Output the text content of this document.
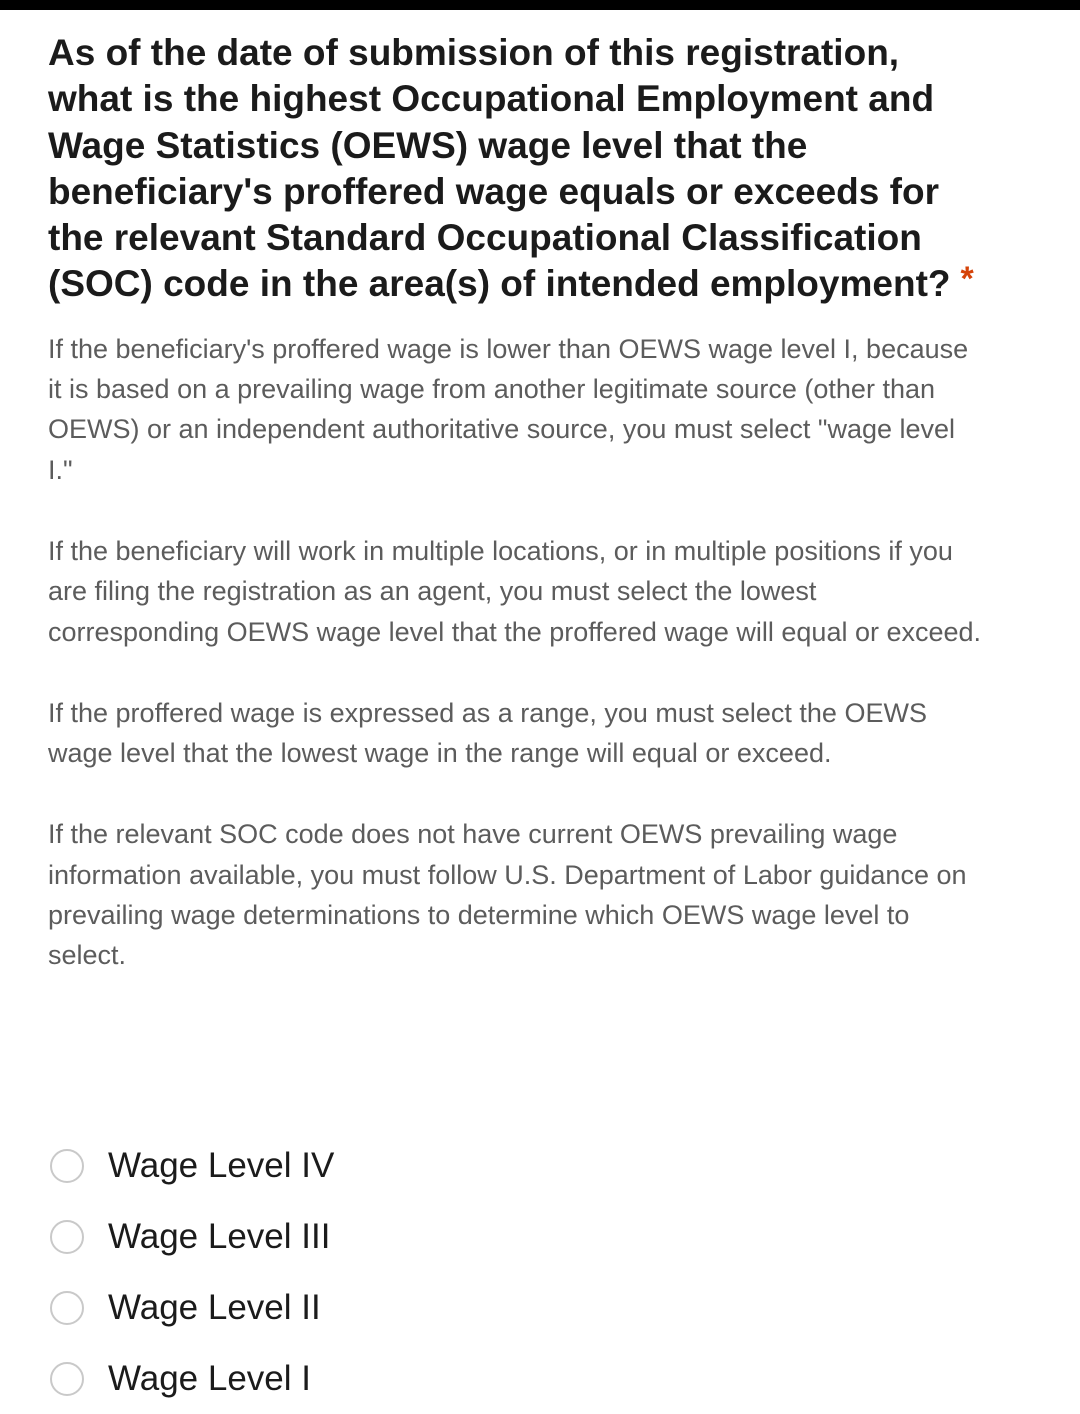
As of the date of submission of this registration, what is the highest Occupational Employment and Wage Statistics (OEWS) wage level that the beneficiary's proffered wage equals or exceeds for the relevant Standard Occupational Classification (SOC) code in the area(s) of intended employment? *

If the beneficiary's proffered wage is lower than OEWS wage level I, because it is based on a prevailing wage from another legitimate source (other than OEWS) or an independent authoritative source, you must select "wage level I."

If the beneficiary will work in multiple locations, or in multiple positions if you are filing the registration as an agent, you must select the lowest corresponding OEWS wage level that the proffered wage will equal or exceed.

If the proffered wage is expressed as a range, you must select the OEWS wage level that the lowest wage in the range will equal or exceed.

If the relevant SOC code does not have current OEWS prevailing wage information available, you must follow U.S. Department of Labor guidance on prevailing wage determinations to determine which OEWS wage level to select.

Wage Level IV
Wage Level III
Wage Level II
Wage Level I
